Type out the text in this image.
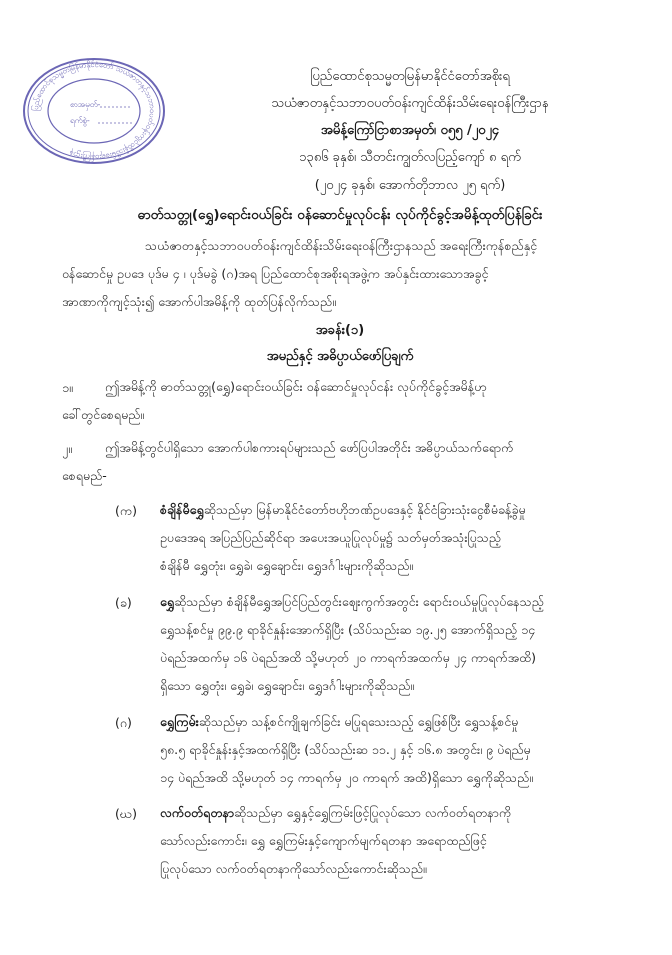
ပြည်ထောင်စုသမ္မတမြန်မာနိုင်ငံတော် သယံဇာတနှင့်သဘာဝပတ်ဝန်းကျင်ထိန်းသိမ်းရေးဝန်ကြီးဌာန
စာအမှတ်-
ရက်စွဲ-
ပြည်ထောင်စုသမ္မတမြန်မာနိုင်ငံတော်အစိုးရ
သယံဇာတနှင့်သဘာဝပတ်ဝန်းကျင်ထိန်းသိမ်းရေးဝန်ကြီးဌာန
အမိန့်ကြော်ငြာစာအမှတ်၊ ၀၅၅ /၂၀၂၄
၁၃၈၆ ခုနှစ်၊ သီတင်းကျွတ်လပြည့်ကျော် ၈ ရက်
(၂၀၂၄ ခုနှစ်၊ အောက်တိုဘာလ ၂၅ ရက်)
ဓာတ်သတ္တု(ရွှေ)ရောင်းဝယ်ခြင်း ဝန်ဆောင်မှုလုပ်ငန်း လုပ်ကိုင်ခွင့်အမိန့်ထုတ်ပြန်ခြင်း
သယံဇာတနှင့်သဘာဝပတ်ဝန်းကျင်ထိန်းသိမ်းရေးဝန်ကြီးဌာနသည် အရေးကြီးကုန်စည်နှင့်
ဝန်ဆောင်မှု ဥပဒေ ပုဒ်မ ၄ ၊ ပုဒ်မခွဲ (ဂ)အရ ပြည်ထောင်စုအစိုးရအဖွဲ့က အပ်နှင်းထားသောအခွင့်
အာဏာကိုကျင့်သုံး၍ အောက်ပါအမိန့်ကို ထုတ်ပြန်လိုက်သည်။
အခန်း(၁)
အမည်နှင့် အဓိပ္ပာယ်ဖော်ပြချက်
၁။	ဤအမိန့်ကို ဓာတ်သတ္တု(ရွှေ)ရောင်းဝယ်ခြင်း ဝန်ဆောင်မှုလုပ်ငန်း လုပ်ကိုင်ခွင့်အမိန့်ဟု
ခေါ်တွင်စေရမည်။
၂။	ဤအမိန့်တွင်ပါရှိသော အောက်ပါစကားရပ်များသည် ဖော်ပြပါအတိုင်း အဓိပ္ပာယ်သက်ရောက်
စေရမည်-
(က) စံချိန်မီရွှေဆိုသည်မှာ မြန်မာနိုင်ငံတော်ဗဟိုဘဏ်ဥပဒေနှင့် နိုင်ငံခြားသုံးငွေစီမံခန့်ခွဲမှု
ဥပဒေအရ အပြည်ပြည်ဆိုင်ရာ အပေးအယူပြုလုပ်မှု၌ သတ်မှတ်အသုံးပြုသည့်
စံချိန်မီ ရွှေတုံး၊ ရွှေခဲ၊ ရွှေချောင်း၊ ရွှေဒင်္ဂါးများကိုဆိုသည်။
(ခ) ရွှေဆိုသည်မှာ စံချိန်မီရွှေအပြင်ပြည်တွင်းဈေးကွက်အတွင်း ရောင်းဝယ်မှုပြုလုပ်နေသည့်
ရွှေသန့်စင်မှု ၉၉.၉ ရာခိုင်နှုန်းအောက်ရှိပြီး (သိပ်သည်းဆ ၁၉.၂၅ အောက်ရှိသည့် ၁၄
ပဲရည်အထက်မှ ၁၆ ပဲရည်အထိ သို့မဟုတ် ၂၀ ကာရက်အထက်မှ ၂၄ ကာရက်အထိ)
ရှိသော ရွှေတုံး၊ ရွှေခဲ၊ ရွှေချောင်း၊ ရွှေဒင်္ဂါးများကိုဆိုသည်။
(ဂ) ရွှေကြမ်းဆိုသည်မှာ သန့်စင်ကျိုချက်ခြင်း မပြုရသေးသည့် ရွှေဖြစ်ပြီး ရွှေသန့်စင်မှု
၅၈.၅ ရာခိုင်နှုန်းနှင့်အထက်ရှိပြီး (သိပ်သည်းဆ ၁၁.၂ နှင့် ၁၆.၈ အတွင်း၊ ၉ ပဲရည်မှ
၁၄ ပဲရည်အထိ သို့မဟုတ် ၁၄ ကာရက်မှ ၂၀ ကာရက် အထိ)ရှိသော ရွှေကိုဆိုသည်။
(ဃ) လက်ဝတ်ရတနာဆိုသည်မှာ ရွှေနှင့်ရွှေကြမ်းဖြင့်ပြုလုပ်သော လက်ဝတ်ရတနာကို
သော်လည်းကောင်း၊ ရွှေ ရွှေကြမ်းနှင့်ကျောက်မျက်ရတနာ အရောထည်ဖြင့်
ပြုလုပ်သော လက်ဝတ်ရတနာကိုသော်လည်းကောင်းဆိုသည်။
